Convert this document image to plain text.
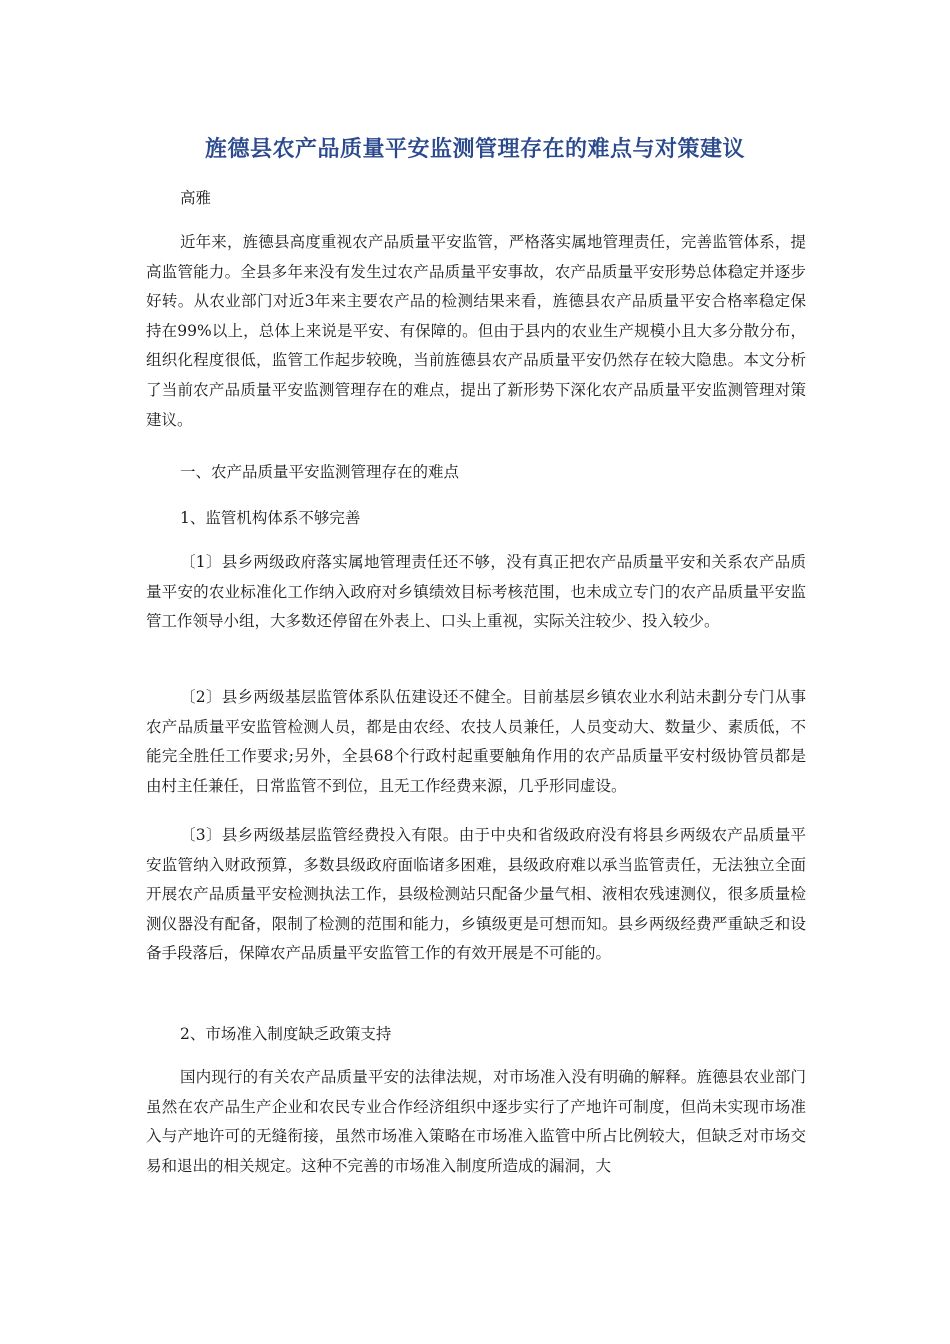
旌德县农产品质量平安监测管理存在的难点与对策建议
高雅

近年来，旌德县高度重视农产品质量平安监管，严格落实属地管理责任，完善监管体系，提高监管能力。全县多年来没有发生过农产品质量平安事故，农产品质量平安形势总体稳定并逐步好转。从农业部门对近3年来主要农产品的检测结果来看，旌德县农产品质量平安合格率稳定保持在99%以上，总体上来说是平安、有保障的。但由于县内的农业生产规模小且大多分散分布，组织化程度很低，监管工作起步较晚，当前旌德县农产品质量平安仍然存在较大隐患。本文分析了当前农产品质量平安监测管理存在的难点，提出了新形势下深化农产品质量平安监测管理对策建议。

一、农产品质量平安监测管理存在的难点
1、监管机构体系不够完善

〔1〕县乡两级政府落实属地管理责任还不够，没有真正把农产品质量平安和关系农产品质量平安的农业标准化工作纳入政府对乡镇绩效目标考核范围，也未成立专门的农产品质量平安监管工作领导小组，大多数还停留在外表上、口头上重视，实际关注较少、投入较少。

〔2〕县乡两级基层监管体系队伍建设还不健全。目前基层乡镇农业水利站未劃分专门从事农产品质量平安监管检测人员，都是由农经、农技人员兼任，人员变动大、数量少、素质低，不能完全胜任工作要求;另外，全县68个行政村起重要触角作用的农产品质量平安村级协管员都是由村主任兼任，日常监管不到位，且无工作经费来源，几乎形同虚设。

〔3〕县乡两级基层监管经费投入有限。由于中央和省级政府没有将县乡两级农产品质量平安监管纳入财政预算，多数县级政府面临诸多困难，县级政府难以承当监管责任，无法独立全面开展农产品质量平安检测执法工作，县级检测站只配备少量气相、液相农残速测仪，很多质量检测仪器没有配备，限制了检测的范围和能力，乡镇级更是可想而知。县乡两级经费严重缺乏和设备手段落后，保障农产品质量平安监管工作的有效开展是不可能的。

2、市场准入制度缺乏政策支持

国内现行的有关农产品质量平安的法律法规，对市场准入没有明确的解释。旌德县农业部门虽然在农产品生产企业和农民专业合作经济组织中逐步实行了产地许可制度，但尚未实现市场准入与产地许可的无缝衔接，虽然市场准入策略在市场准入监管中所占比例较大，但缺乏对市场交易和退出的相关规定。这种不完善的市场准入制度所造成的漏洞，大
